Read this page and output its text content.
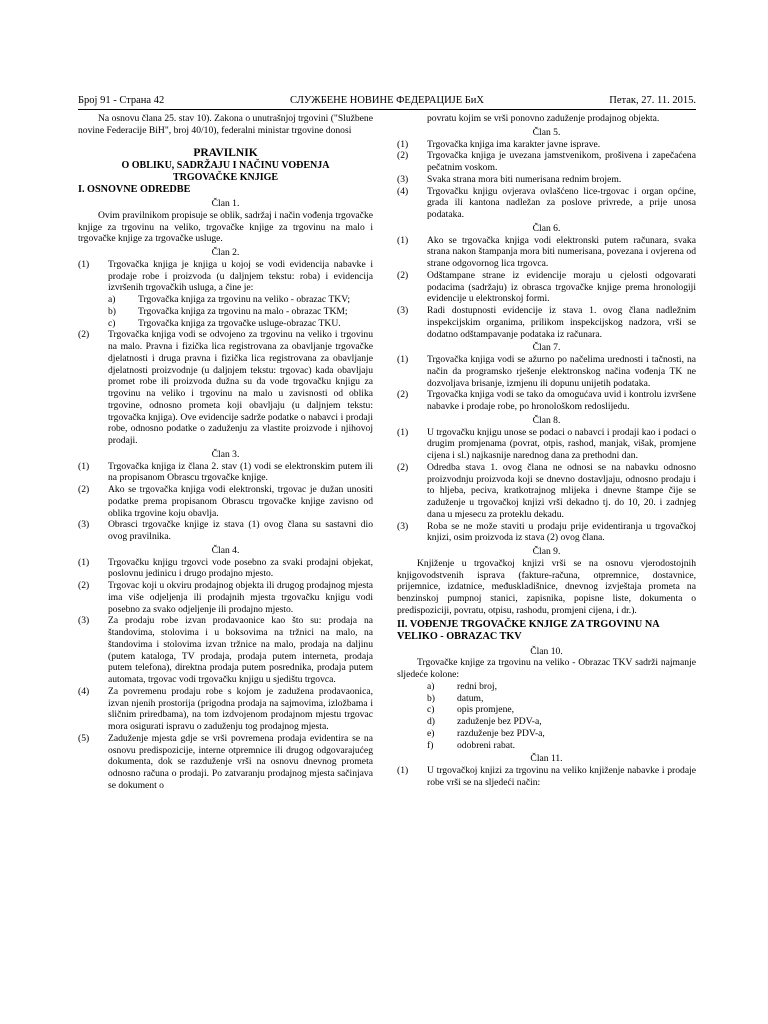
Број 91 - Страна 42	СЛУЖБЕНЕ НОВИНЕ ФЕДЕРАЦИЈЕ БиХ	Петак, 27. 11. 2015.

Na osnovu člana 25. stav 10). Zakona o unutrašnjoj trgovini ("Službene novine Federacije BiH", broj 40/10), federalni ministar trgovine donosi

PRAVILNIK

O OBLIKU, SADRŽAJU I NAČINU VOĐENJA

TRGOVAČKE KNJIGE

I. OSNOVNE ODREDBE

Član 1.

Ovim pravilnikom propisuje se oblik, sadržaj i način vođenja trgovačke knjige za trgovinu na veliko, trgovačke knjige za trgovinu na malo i trgovačke knjige za trgovačke usluge.

Član 2.

(1)	Trgovačka knjiga je knjiga u kojoj se vodi evidencija nabavke i prodaje robe i proizvoda (u daljnjem tekstu: roba) i evidencija izvršenih trgovačkih usluga, a čine je:
a)	Trgovačka knjiga za trgovinu na veliko - obrazac TKV;
b)	Trgovačka knjiga za trgovinu na malo - obrazac TKM;
c)	Trgovačka knjiga za trgovačke usluge-obrazac TKU.
(2)	Trgovačka knjiga vodi se odvojeno za trgovinu na veliko i trgovinu na malo. Pravna i fizička lica registrovana za obavljanje trgovačke djelatnosti i druga pravna i fizička lica registrovana za obavljanje djelatnosti proizvodnje (u daljnjem tekstu: trgovac) kada obavljaju promet robe ili proizvoda dužna su da vode trgovačku knjigu za trgovinu na veliko i trgovinu na malo u zavisnosti od oblika trgovine, odnosno prometa koji obavljaju (u daljnjem tekstu: trgovačka knjiga). Ove evidencije sadrže podatke o nabavci i prodaji robe, odnosno podatke o zaduženju za vlastite proizvode i njihovoj prodaji.

Član 3.

(1)	Trgovačka knjiga iz člana 2. stav (1) vodi se elektronskim putem ili na propisanom Obrascu trgovačke knjige.
(2)	Ako se trgovačka knjiga vodi elektronski, trgovac je dužan unositi podatke prema propisanom Obrascu trgovačke knjige zavisno od oblika trgovine koju obavlja.
(3)	Obrasci trgovačke knjige iz stava (1) ovog člana su sastavni dio ovog pravilnika.

Član 4.

(1)	Trgovačku knjigu trgovci vode posebno za svaki prodajni objekat, poslovnu jedinicu i drugo prodajno mjesto.
(2)	Trgovac koji u okviru prodajnog objekta ili drugog prodajnog mjesta ima više odjeljenja ili prodajnih mjesta trgovačku knjigu vodi posebno za svako odjeljenje ili prodajno mjesto.
(3)	Za prodaju robe izvan prodavaonice kao što su: prodaja na štandovima, stolovima i u boksovima na tržnici na malo, na štandovima i stolovima izvan tržnice na malo, prodaja na daljinu (putem kataloga, TV prodaja, prodaja putem interneta, prodaja putem telefona), direktna prodaja putem posrednika, prodaja putem automata, trgovac vodi trgovačku knjigu u sjedištu trgovca.
(4)	Za povremenu prodaju robe s kojom je zadužena prodavaonica, izvan njenih prostorija (prigodna prodaja na sajmovima, izložbama i sličnim priredbama), na tom izdvojenom prodajnom mjestu trgovac mora osigurati ispravu o zaduženju tog prodajnog mjesta.
(5)	Zaduženje mjesta gdje se vrši povremena prodaja evidentira se na osnovu predispozicije, interne otpremnice ili drugog odgovarajućeg dokumenta, dok se razduženje vrši na osnovu dnevnog prometa odnosno računa o prodaji. Po zatvaranju prodajnog mjesta sačinjava se dokument o

povratu kojim se vrši ponovno zaduženje prodajnog objekta.

Član 5.

(1)	Trgovačka knjiga ima karakter javne isprave.
(2)	Trgovačka knjiga je uvezana jamstvenikom, prošivena i zapečaćena pečatnim voskom.
(3)	Svaka strana mora biti numerisana rednim brojem.
(4)	Trgovačku knjigu ovjerava ovlašćeno lice-trgovac i organ općine, grada ili kantona nadležan za poslove privrede, a prije unosa podataka.

Član 6.

(1)	Ako se trgovačka knjiga vodi elektronski putem računara, svaka strana nakon štampanja mora biti numerisana, povezana i ovjerena od strane odgovornog lica trgovca.
(2)	Odštampane strane iz evidencije moraju u cjelosti odgovarati podacima (sadržaju) iz obrasca trgovačke knjige prema hronologiji evidencije u elektronskoj formi.
(3)	Radi dostupnosti evidencije iz stava 1. ovog člana nadležnim inspekcijskim organima, prilikom inspekcijskog nadzora, vrši se dodatno odštampavanje podataka iz računara.

Član 7.

(1)	Trgovačka knjiga vodi se ažurno po načelima urednosti i tačnosti, na način da programsko rješenje elektronskog načina vođenja TK ne dozvoljava brisanje, izmjenu ili dopunu unijetih podataka.
(2)	Trgovačka knjiga vodi se tako da omogućava uvid i kontrolu izvršene nabavke i prodaje robe, po hronološkom redoslijedu.

Član 8.

(1)	U trgovačku knjigu unose se podaci o nabavci i prodaji kao i podaci o drugim promjenama (povrat, otpis, rashod, manjak, višak, promjene cijena i sl.) najkasnije narednog dana za prethodni dan.
(2)	Odredba stava 1. ovog člana ne odnosi se na nabavku odnosno proizvodnju proizvoda koji se dnevno dostavljaju, odnosno prodaju i to hljeba, peciva, kratkotrajnog mlijeka i dnevne štampe čije se zaduženje u trgovačkoj knjizi vrši dekadno tj. do 10, 20. i zadnjeg dana u mjesecu za proteklu dekadu.
(3)	Roba se ne može staviti u prodaju prije evidentiranja u trgovačkoj knjizi, osim proizvoda iz stava (2) ovog člana.

Član 9.

Knjiženje u trgovačkoj knjizi vrši se na osnovu vjerodostojnih knjigovodstvenih isprava (fakture-računa, otpremnice, dostavnice, prijemnice, izdatnice, međuskladišnice, dnevnog izvještaja prometa na benzinskoj pumpnoj stanici, zapisnika, popisne liste, dokumenta o predispoziciji, povratu, otpisu, rashodu, promjeni cijena, i dr.).

II. VOĐENJE TRGOVAČKE KNJIGE ZA TRGOVINU NA VELIKO - OBRAZAC TKV

Član 10.

Trgovačke knjige za trgovinu na veliko - Obrazac TKV sadrži najmanje sljedeće kolone:

a)	redni broj,
b)	datum,
c)	opis promjene,
d)	zaduženje bez PDV-a,
e)	razduženje bez PDV-a,
f)	odobreni rabat.

Član 11.

(1)	U trgovačkoj knjizi za trgovinu na veliko knjiženje nabavke i prodaje robe vrši se na sljedeći način:
